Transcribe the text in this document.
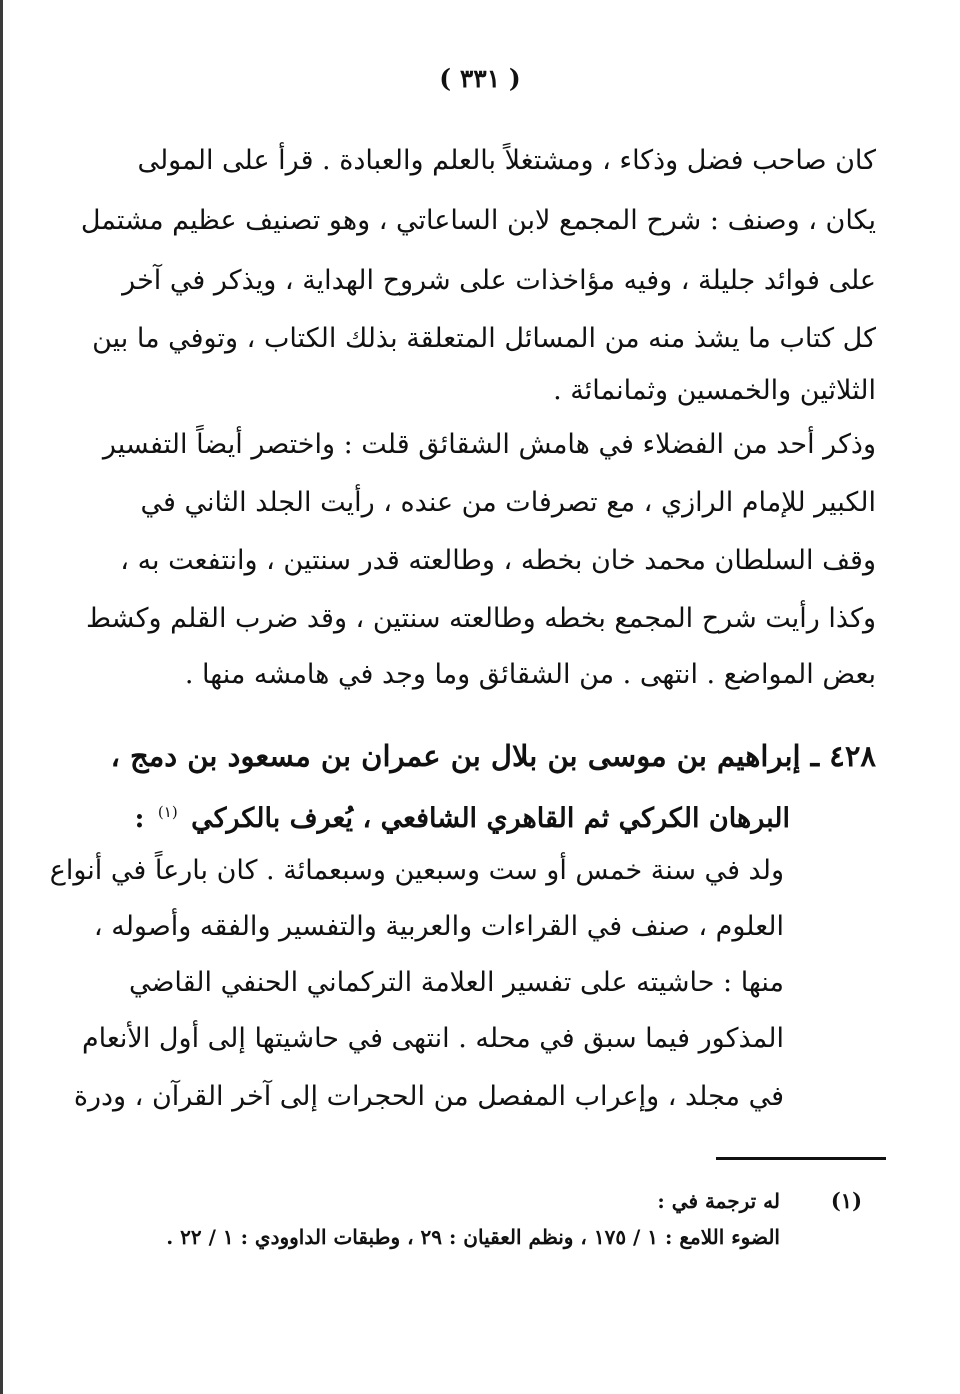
( ٣٣١ )
كان صاحب فضل وذكاء ، ومشتغلاً بالعلم والعبادة . قرأ على المولى
يكان ، وصنف : شرح المجمع لابن الساعاتي ، وهو تصنيف عظيم مشتمل
على فوائد جليلة ، وفيه مؤاخذات على شروح الهداية ، ويذكر في آخر
كل كتاب ما يشذ منه من المسائل المتعلقة بذلك الكتاب ، وتوفي ما بين
الثلاثين والخمسين وثمانمائة .
وذكر أحد من الفضلاء في هامش الشقائق قلت : واختصر أيضاً التفسير
الكبير للإمام الرازي ، مع تصرفات من عنده ، رأيت الجلد الثاني في
وقف السلطان محمد خان بخطه ، وطالعته قدر سنتين ، وانتفعت به ،
وكذا رأيت شرح المجمع بخطه وطالعته سنتين ، وقد ضرب القلم وكشط
بعض المواضع . انتهى . من الشقائق وما وجد في هامشه منها .
٤٢٨ ـ إبراهيم بن موسى بن بلال بن عمران بن مسعود بن دمج ،
البرهان الكركي ثم القاهري الشافعي ، يُعرف بالكركي $^{(١)}$ :
ولد في سنة خمس أو ست وسبعين وسبعمائة . كان بارعاً في أنواع
العلوم ، صنف في القراءات والعربية والتفسير والفقه وأصوله ،
منها : حاشيته على تفسير العلامة التركماني الحنفي القاضي
المذكور فيما سبق في محله . انتهى في حاشيتها إلى أول الأنعام
في مجلد ، وإعراب المفصل من الحجرات إلى آخر القرآن ، ودرة
(١)
له ترجمة في :
الضوء اللامع : ١ / ١٧٥ ، ونظم العقيان : ٢٩ ، وطبقات الداوودي : ١ / ٢٢ .
